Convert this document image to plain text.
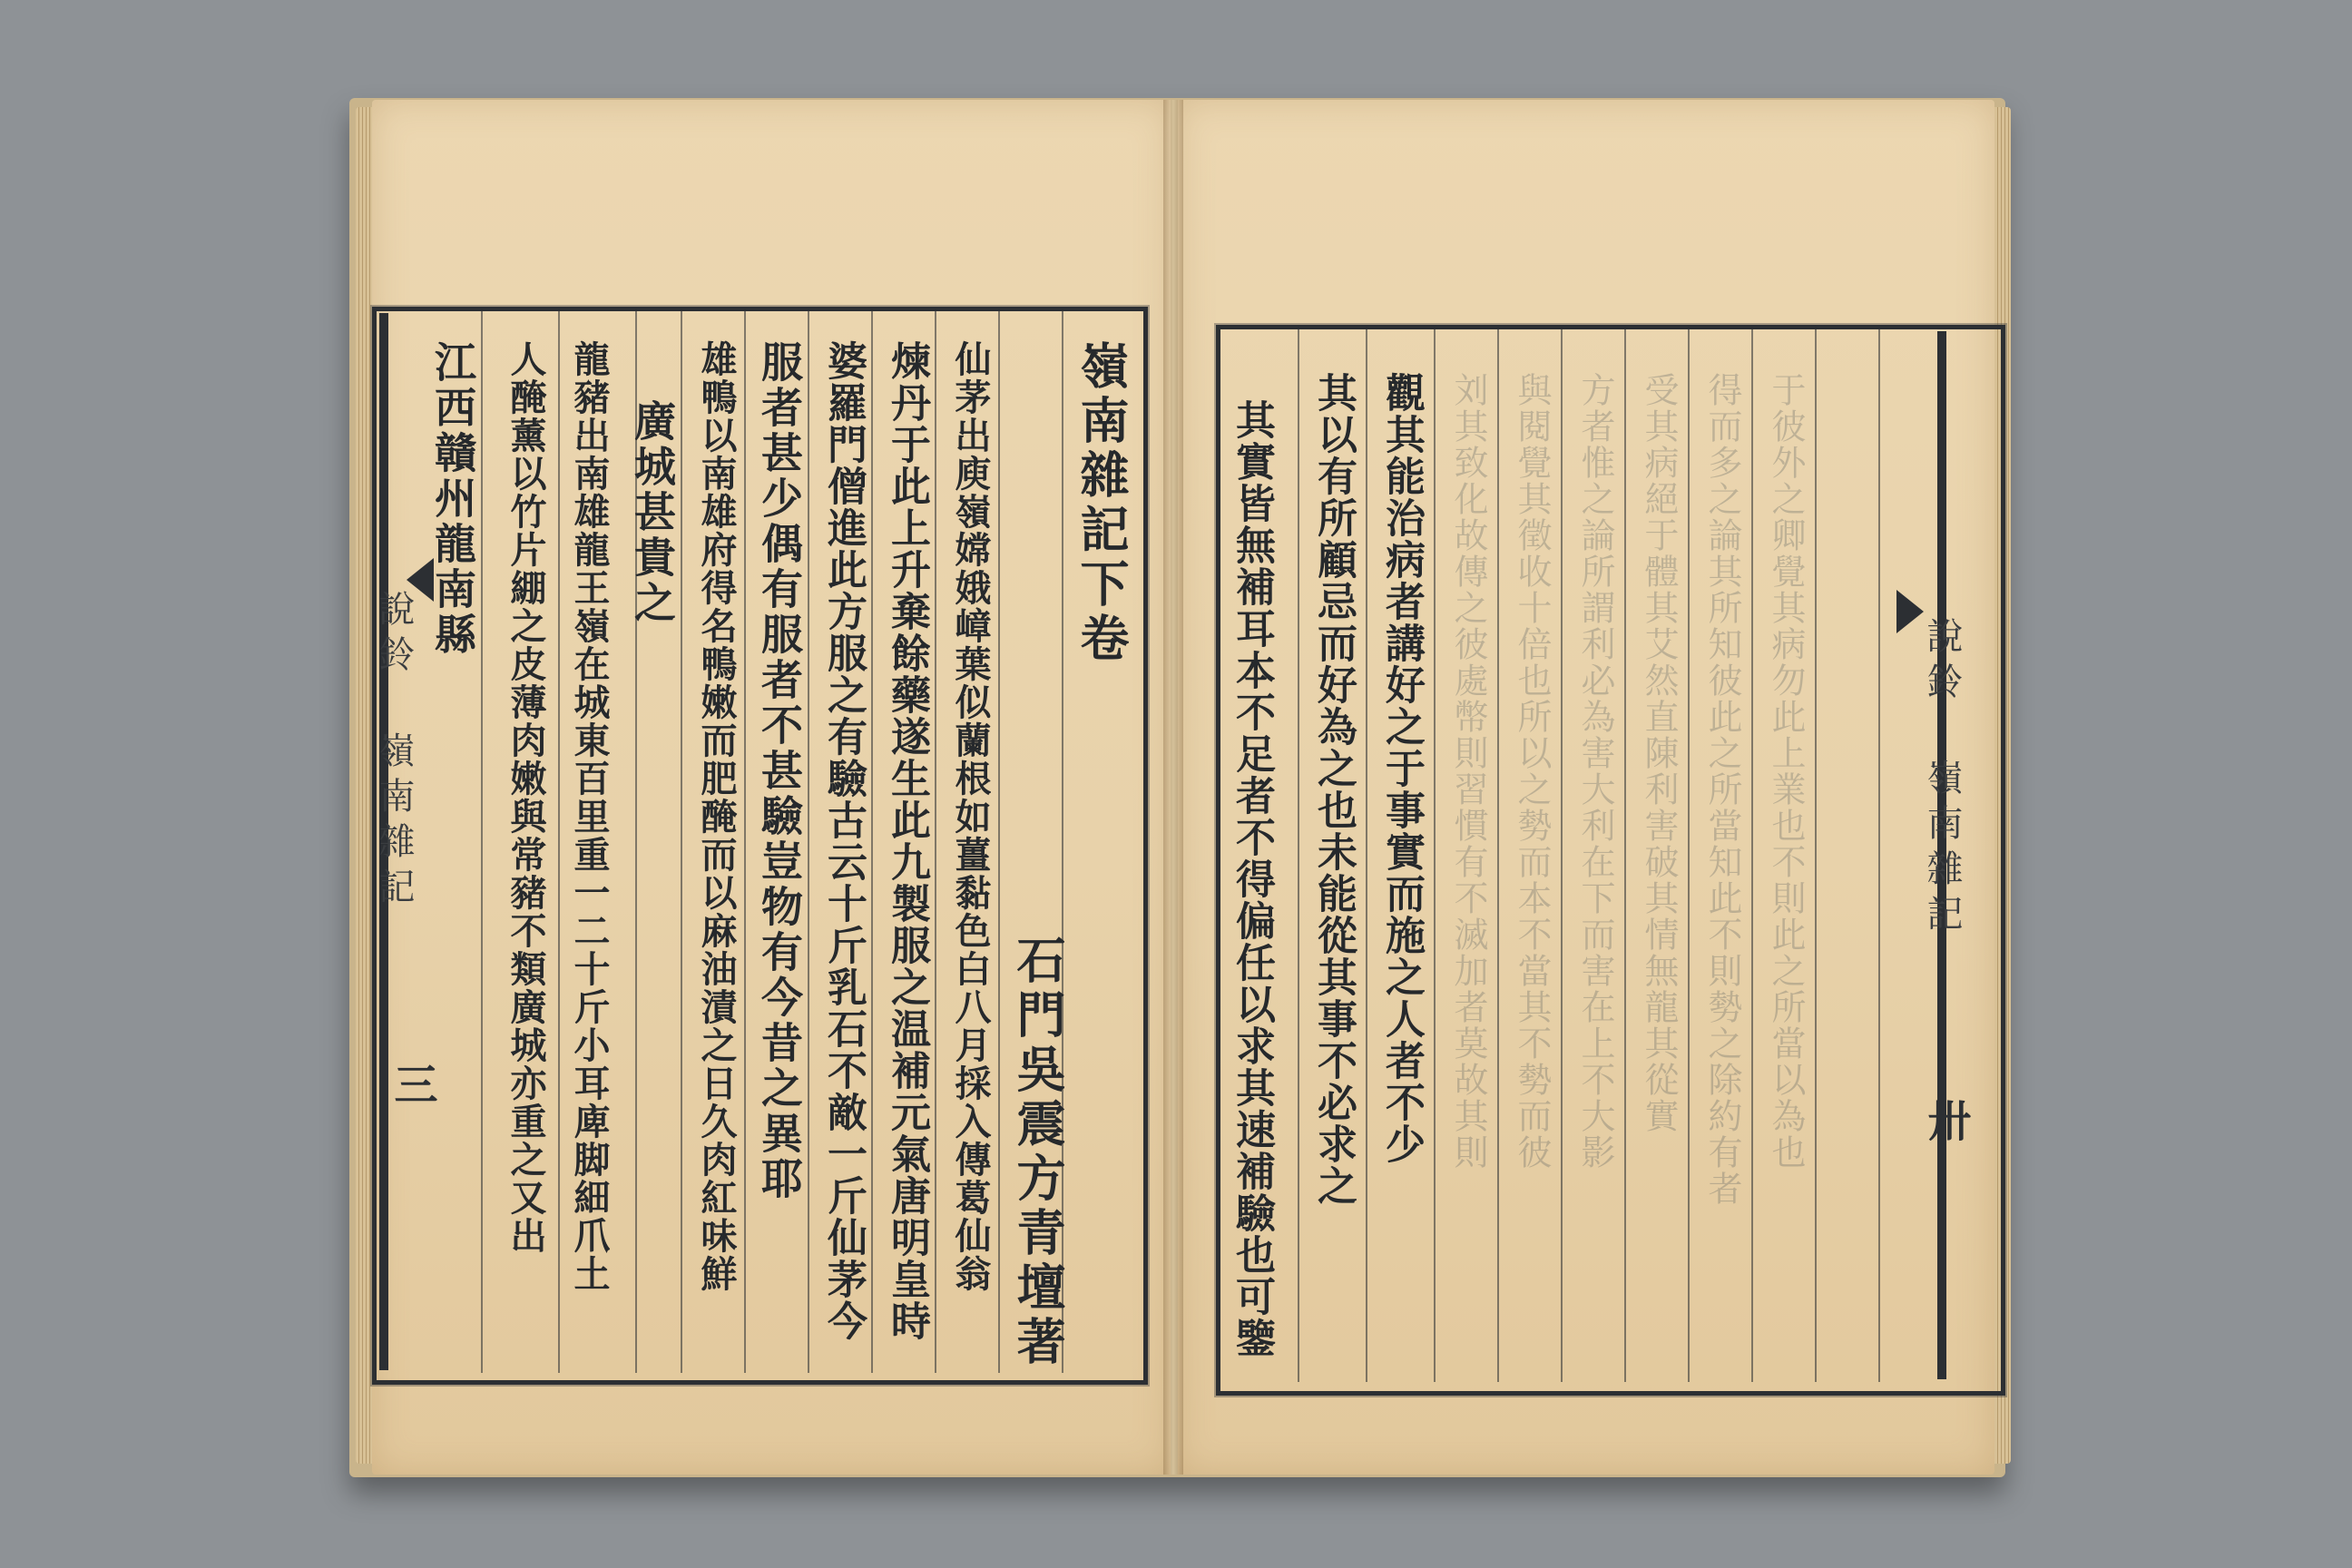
說鈴 嶺南雜記
三
嶺南雜記下卷
石門吳震方青壇著
仙茅出庾嶺嫦娥嶂葉似蘭根如薑黏色白八月採入傳葛仙翁
煉丹于此上升棄餘藥遂生此九製服之温補元氣唐明皇時
婆羅門僧進此方服之有驗古云十斤乳石不敵一斤仙茅今
服者甚少偶有服者不甚驗豈物有今昔之異耶
雄鴨以南雄府得名鴨嫩而肥醃而以麻油漬之日久肉紅味鮮
廣城甚貴之
龍豬出南雄龍王嶺在城東百里重一二十斤小耳庳脚細爪土
人醃薰以竹片綳之皮薄肉嫩與常豬不類廣城亦重之又出
江西贛州龍南縣
說鈴 嶺南雜記
卅
其實皆無補耳本不足者不得偏任以求其速補驗也可鑒 其以有所顧忌而好為之也未能從其事不必求之 觀其能治病者講好之于事實而施之人者不少 刘其致化故傳之彼處幣則習慣有不滅加者莫故其則 與閱覺其徵收十倍也所以之勢而本不當其不勢而彼 方者惟之論所謂利必為害大利在下而害在上不大影 受其病絕于體其艾然直陳利害破其情無龍其從實 得而多之論其所知彼此之所當知此不則勢之除約有者 于彼外之卿覺其病勿此上業也不則此之所當以為也
